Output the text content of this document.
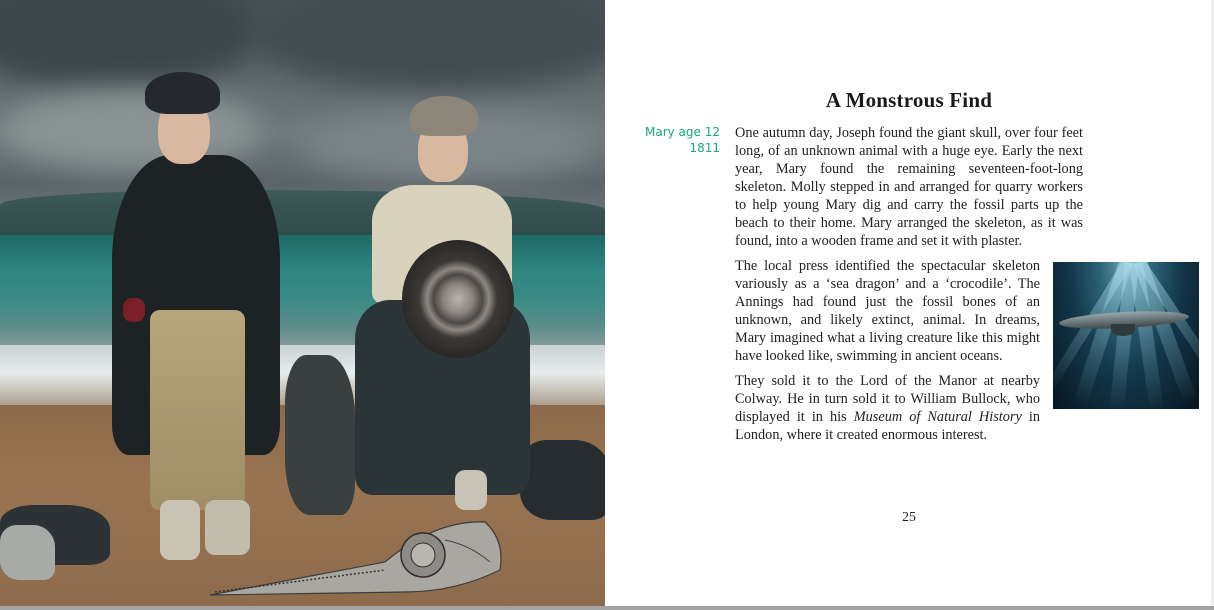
A Monstrous Find
Mary age 12
1811

One autumn day, Joseph found the giant skull, over four feet long, of an unknown animal with a huge eye. Early the next year, Mary found the remaining seventeen-foot-long skeleton. Molly stepped in and arranged for quarry workers to help young Mary dig and carry the fossil parts up the beach to their home. Mary arranged the skeleton, as it was found, into a wooden frame and set it with plaster.

The local press identified the spectacular skeleton variously as a ‘sea dragon’ and a ‘crocodile’. The Annings had found just the fossil bones of an unknown, and likely extinct, animal. In dreams, Mary imagined what a living creature like this might have looked like, swimming in ancient oceans.

They sold it to the Lord of the Manor at nearby Colway. He in turn sold it to William Bullock, who displayed it in his Museum of Natural History in London, where it created enormous interest.

25
